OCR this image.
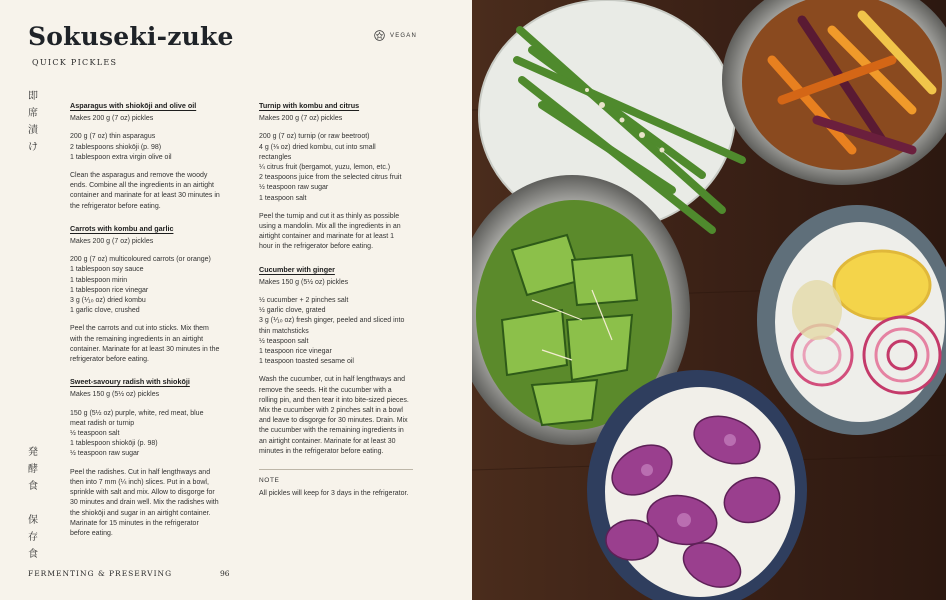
Sokuseki-zuke
QUICK PICKLES
VEGAN
即
席
漬
け
発
酵
食

保
存
食
Asparagus with shiokōji and olive oil
Makes 200 g (7 oz) pickles
200 g (7 oz) thin asparagus
2 tablespoons shiokōji (p. 98)
1 tablespoon extra virgin olive oil
Clean the asparagus and remove the woody ends. Combine all the ingredients in an airtight container and marinate for at least 30 minutes in the refrigerator before eating.
Carrots with kombu and garlic
Makes 200 g (7 oz) pickles
200 g (7 oz) multicoloured carrots (or orange)
1 tablespoon soy sauce
1 tablespoon mirin
1 tablespoon rice vinegar
3 g (⅒ oz) dried kombu
1 garlic clove, crushed
Peel the carrots and cut into sticks. Mix them with the remaining ingredients in an airtight container. Marinate for at least 30 minutes in the refrigerator before eating.
Sweet-savoury radish with shiokōji
Makes 150 g (5½ oz) pickles
150 g (5½ oz) purple, white, red meat, blue meat radish or turnip
½ teaspoon salt
1 tablespoon shiokōji (p. 98)
½ teaspoon raw sugar
Peel the radishes. Cut in half lengthways and then into 7 mm (¼ inch) slices. Put in a bowl, sprinkle with salt and mix. Allow to disgorge for 30 minutes and drain well. Mix the radishes with the shiokōji and sugar in an airtight container. Marinate for 15 minutes in the refrigerator before eating.
Turnip with kombu and citrus
Makes 200 g (7 oz) pickles
200 g (7 oz) turnip (or raw beetroot)
4 g (⅛ oz) dried kombu, cut into small rectangles
¼ citrus fruit (bergamot, yuzu, lemon, etc.)
2 teaspoons juice from the selected citrus fruit
½ teaspoon raw sugar
1 teaspoon salt
Peel the turnip and cut it as thinly as possible using a mandolin. Mix all the ingredients in an airtight container and marinate for at least 1 hour in the refrigerator before eating.
Cucumber with ginger
Makes 150 g (5½ oz) pickles
½ cucumber + 2 pinches salt
½ garlic clove, grated
3 g (⅒ oz) fresh ginger, peeled and sliced into thin matchsticks
½ teaspoon salt
1 teaspoon rice vinegar
1 teaspoon toasted sesame oil
Wash the cucumber, cut in half lengthways and remove the seeds. Hit the cucumber with a rolling pin, and then tear it into bite-sized pieces. Mix the cucumber with 2 pinches salt in a bowl and leave to disgorge for 30 minutes. Drain. Mix the cucumber with the remaining ingredients in an airtight container. Marinate for at least 30 minutes in the refrigerator before eating.
NOTE
All pickles will keep for 3 days in the refrigerator.
FERMENTING & PRESERVING	96
